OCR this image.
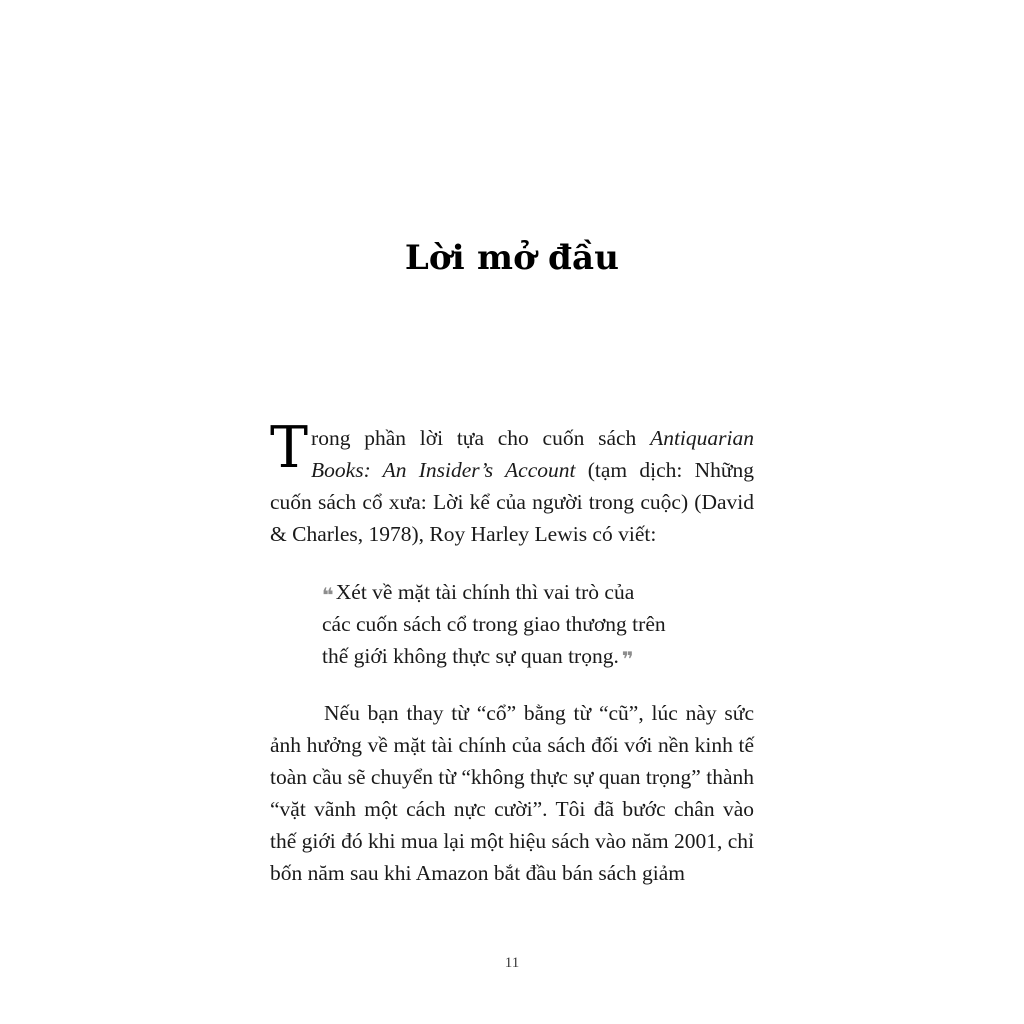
Lời mở đầu

Trong phần lời tựa cho cuốn sách Antiquarian Books: An Insider’s Account (tạm dịch: Những cuốn sách cổ xưa: Lời kể của người trong cuộc) (David & Charles, 1978), Roy Harley Lewis có viết:

❝Xét về mặt tài chính thì vai trò của

các cuốn sách cổ trong giao thương trên

thế giới không thực sự quan trọng. ❞

Nếu bạn thay từ “cổ” bằng từ “cũ”, lúc này sức ảnh hưởng về mặt tài chính của sách đối với nền kinh tế toàn cầu sẽ chuyển từ “không thực sự quan trọng” thành “vặt vãnh một cách nực cười”. Tôi đã bước chân vào thế giới đó khi mua lại một hiệu sách vào năm 2001, chỉ bốn năm sau khi Amazon bắt đầu bán sách giảm

11
